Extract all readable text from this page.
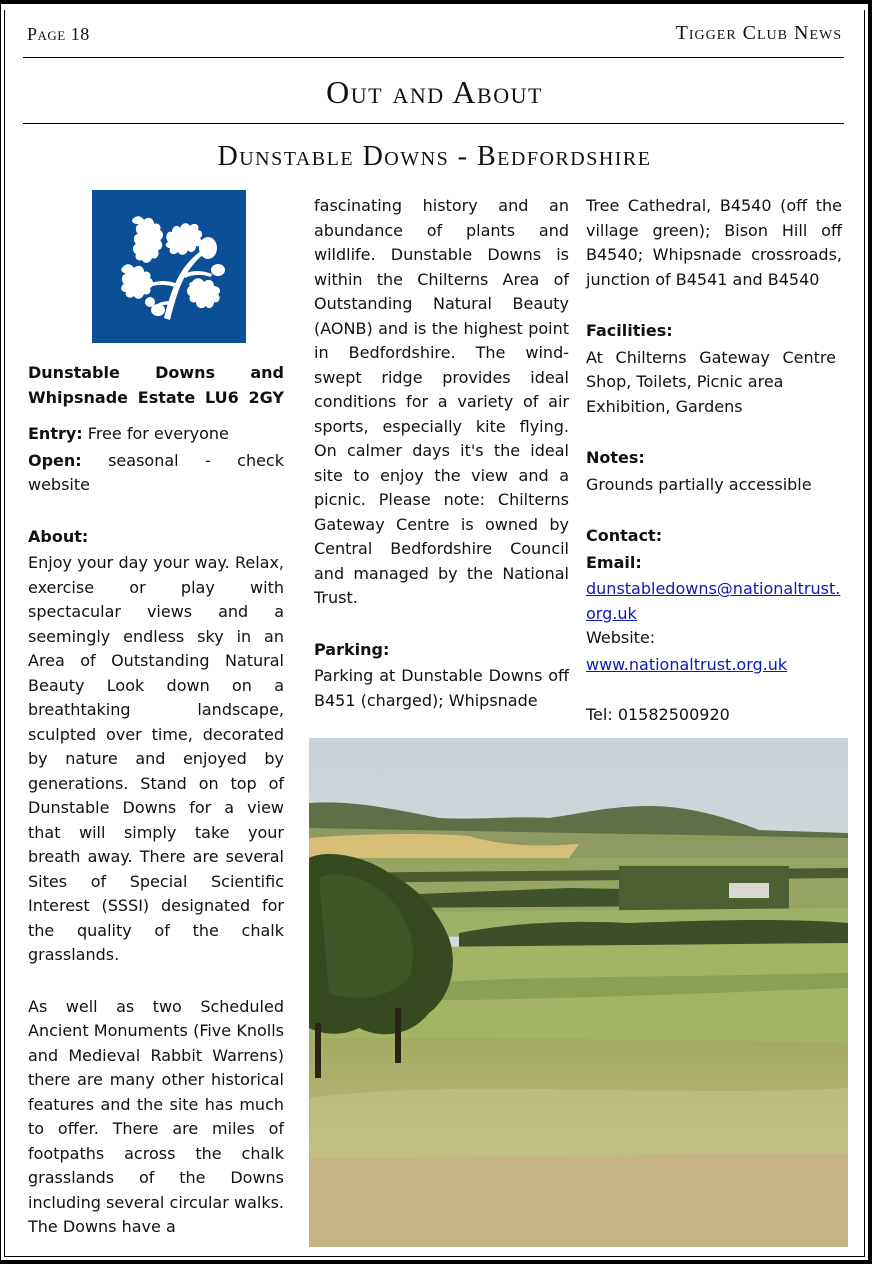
Page 18	Tigger Club News
Out and About
Dunstable Downs - Bedfordshire

Dunstable Downs and Whipsnade Estate LU6 2GY

Entry: Free for everyone

Open: seasonal - check website

About:

Enjoy your day your way. Relax, exercise or play with spectacular views and a seemingly endless sky in an Area of Outstanding Natural Beauty Look down on a breathtaking landscape, sculpted over time, decorated by nature and enjoyed by generations. Stand on top of Dunstable Downs for a view that will simply take your breath away. There are several Sites of Special Scientific Interest (SSSI) designated for the quality of the chalk grasslands.

As well as two Scheduled Ancient Monuments (Five Knolls and Medieval Rabbit Warrens) there are many other historical features and the site has much to offer. There are miles of footpaths across the chalk grasslands of the Downs including several circular walks. The Downs have a

fascinating history and an abundance of plants and wildlife. Dunstable Downs is within the Chilterns Area of Outstanding Natural Beauty (AONB) and is the highest point in Bedfordshire. The wind-swept ridge provides ideal conditions for a variety of air sports, especially kite flying. On calmer days it's the ideal site to enjoy the view and a picnic. Please note: Chilterns Gateway Centre is owned by Central Bedfordshire Council and managed by the National Trust.

Parking:

Parking at Dunstable Downs off B451 (charged); Whipsnade

Tree Cathedral, B4540 (off the village green); Bison Hill off B4540; Whipsnade crossroads, junction of B4541 and B4540

Facilities:

At Chilterns Gateway Centre

Shop, Toilets, Picnic area

Exhibition, Gardens

Notes:

Grounds partially accessible

Contact:

Email:

dunstabledowns@nationaltrust.org.uk

Website:

www.nationaltrust.org.uk

Tel: 01582500920
